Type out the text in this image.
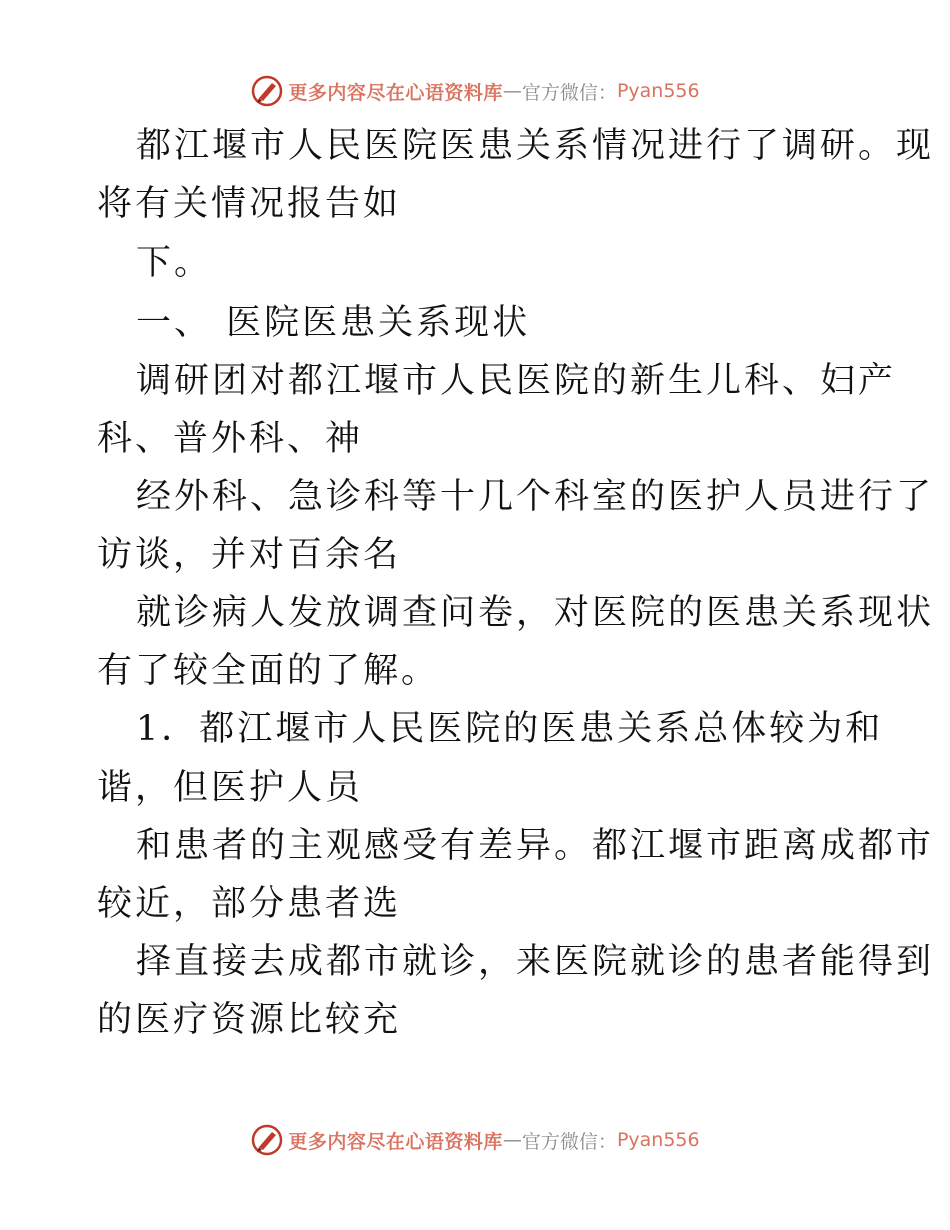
更多内容尽在心语资料库 — 官方微信： Pyan556
都江堰市人民医院医患关系情况进行了调研。现
将有关情况报告如
下。
一、 医院医患关系现状
调研团对都江堰市人民医院的新生儿科、妇产
科、普外科、神
经外科、急诊科等十几个科室的医护人员进行了
访谈，并对百余名
就诊病人发放调查问卷，对医院的医患关系现状
有了较全面的了解。
1．都江堰市人民医院的医患关系总体较为和
谐，但医护人员
和患者的主观感受有差异。都江堰市距离成都市
较近，部分患者选
择直接去成都市就诊，来医院就诊的患者能得到
的医疗资源比较充
更多内容尽在心语资料库 — 官方微信： Pyan556
